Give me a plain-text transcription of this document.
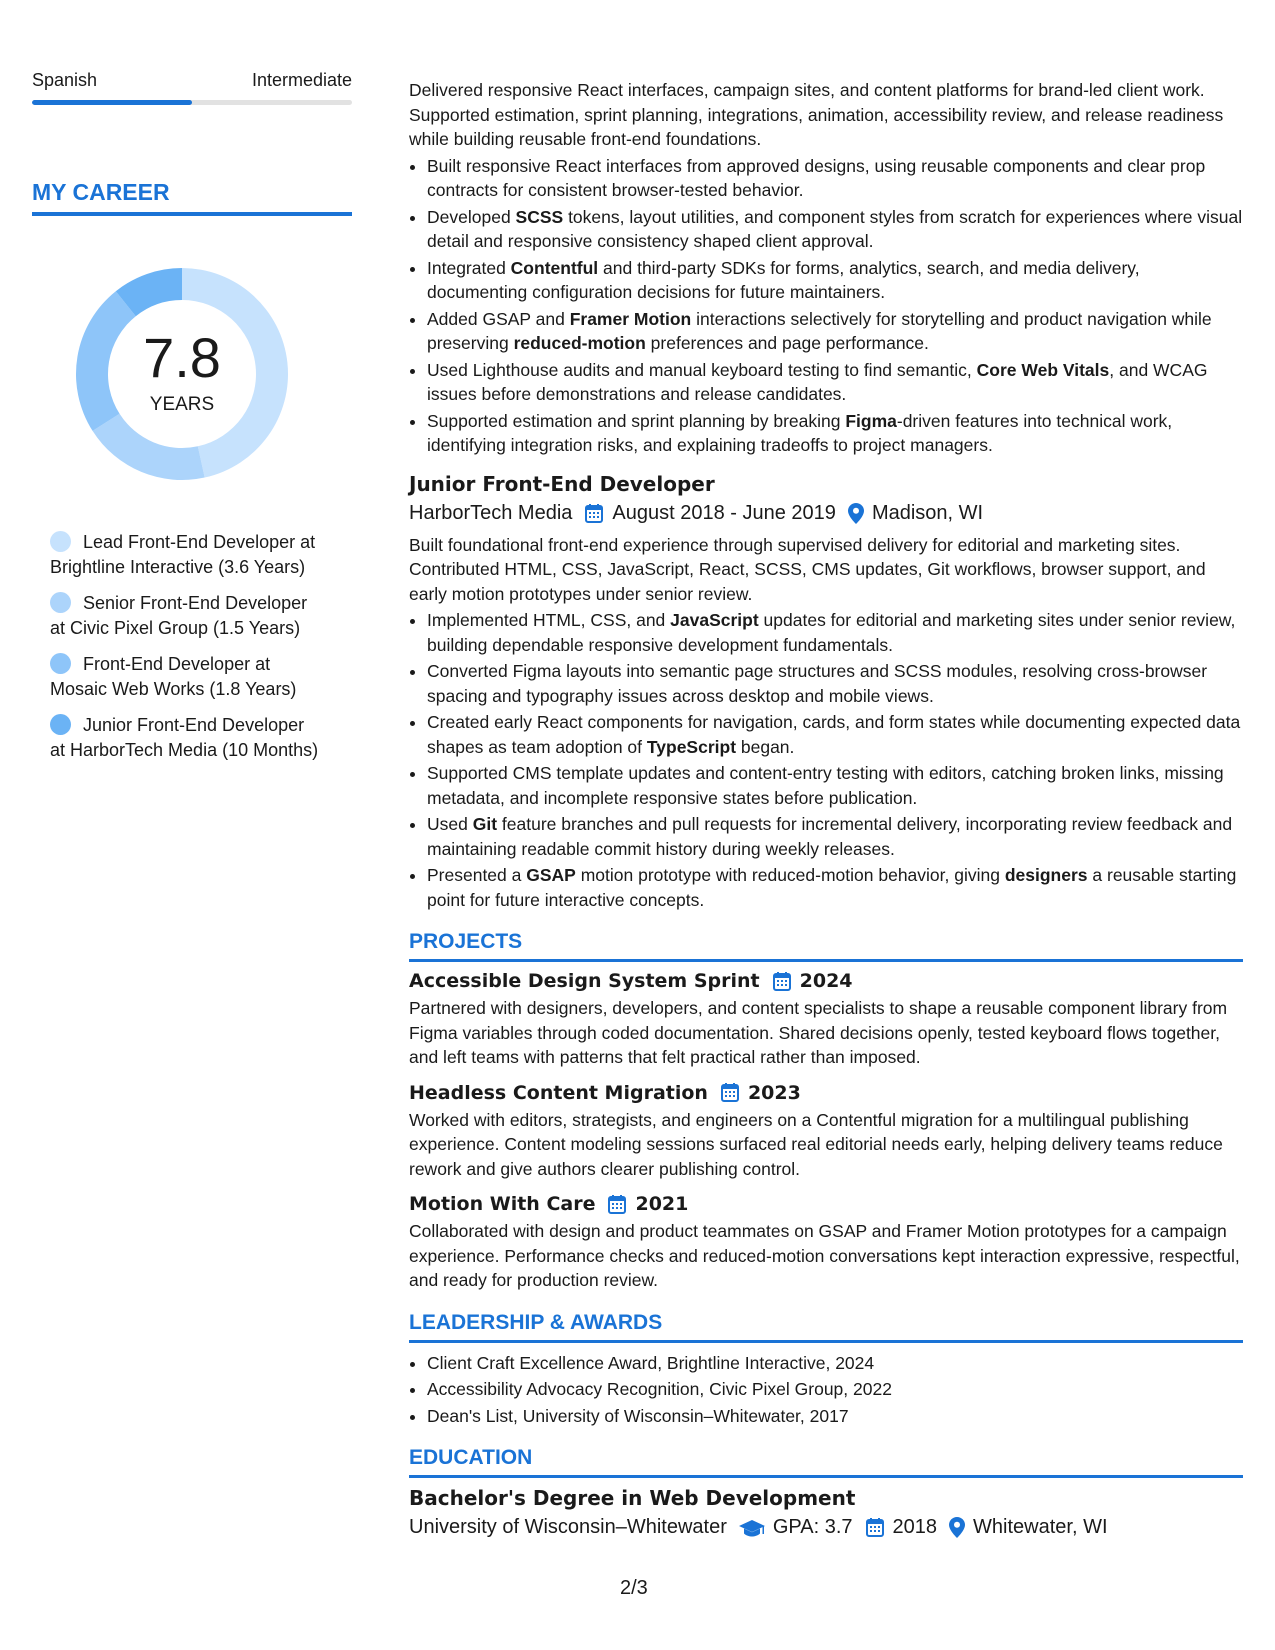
Spanish	Intermediate
MY CAREER
7.8
YEARS
Lead Front-End Developer at Brightline Interactive (3.6 Years)
Senior Front-End Developer at Civic Pixel Group (1.5 Years)
Front-End Developer at Mosaic Web Works (1.8 Years)
Junior Front-End Developer at HarborTech Media (10 Months)

Delivered responsive React interfaces, campaign sites, and content platforms for brand-led client work. Supported estimation, sprint planning, integrations, animation, accessibility review, and release readiness while building reusable front-end foundations.

• Built responsive React interfaces from approved designs, using reusable components and clear prop contracts for consistent browser-tested behavior.
• Developed SCSS tokens, layout utilities, and component styles from scratch for experiences where visual detail and responsive consistency shaped client approval.
• Integrated Contentful and third-party SDKs for forms, analytics, search, and media delivery, documenting configuration decisions for future maintainers.
• Added GSAP and Framer Motion interactions selectively for storytelling and product navigation while preserving reduced-motion preferences and page performance.
• Used Lighthouse audits and manual keyboard testing to find semantic, Core Web Vitals, and WCAG issues before demonstrations and release candidates.
• Supported estimation and sprint planning by breaking Figma-driven features into technical work, identifying integration risks, and explaining tradeoffs to project managers.
Junior Front-End Developer
HarborTech Media August 2018 - June 2019 Madison, WI

Built foundational front-end experience through supervised delivery for editorial and marketing sites. Contributed HTML, CSS, JavaScript, React, SCSS, CMS updates, Git workflows, browser support, and early motion prototypes under senior review.

• Implemented HTML, CSS, and JavaScript updates for editorial and marketing sites under senior review, building dependable responsive development fundamentals.
• Converted Figma layouts into semantic page structures and SCSS modules, resolving cross-browser spacing and typography issues across desktop and mobile views.
• Created early React components for navigation, cards, and form states while documenting expected data shapes as team adoption of TypeScript began.
• Supported CMS template updates and content-entry testing with editors, catching broken links, missing metadata, and incomplete responsive states before publication.
• Used Git feature branches and pull requests for incremental delivery, incorporating review feedback and maintaining readable commit history during weekly releases.
• Presented a GSAP motion prototype with reduced-motion behavior, giving designers a reusable starting point for future interactive concepts.
PROJECTS
Accessible Design System Sprint 2024

Partnered with designers, developers, and content specialists to shape a reusable component library from Figma variables through coded documentation. Shared decisions openly, tested keyboard flows together, and left teams with patterns that felt practical rather than imposed.

Headless Content Migration 2023

Worked with editors, strategists, and engineers on a Contentful migration for a multilingual publishing experience. Content modeling sessions surfaced real editorial needs early, helping delivery teams reduce rework and give authors clearer publishing control.

Motion With Care 2021

Collaborated with design and product teammates on GSAP and Framer Motion prototypes for a campaign experience. Performance checks and reduced-motion conversations kept interaction expressive, respectful, and ready for production review.

LEADERSHIP & AWARDS
• Client Craft Excellence Award, Brightline Interactive, 2024
• Accessibility Advocacy Recognition, Civic Pixel Group, 2022
• Dean's List, University of Wisconsin–Whitewater, 2017
EDUCATION
Bachelor's Degree in Web Development
University of Wisconsin–Whitewater GPA: 3.7 2018 Whitewater, WI
2/3
